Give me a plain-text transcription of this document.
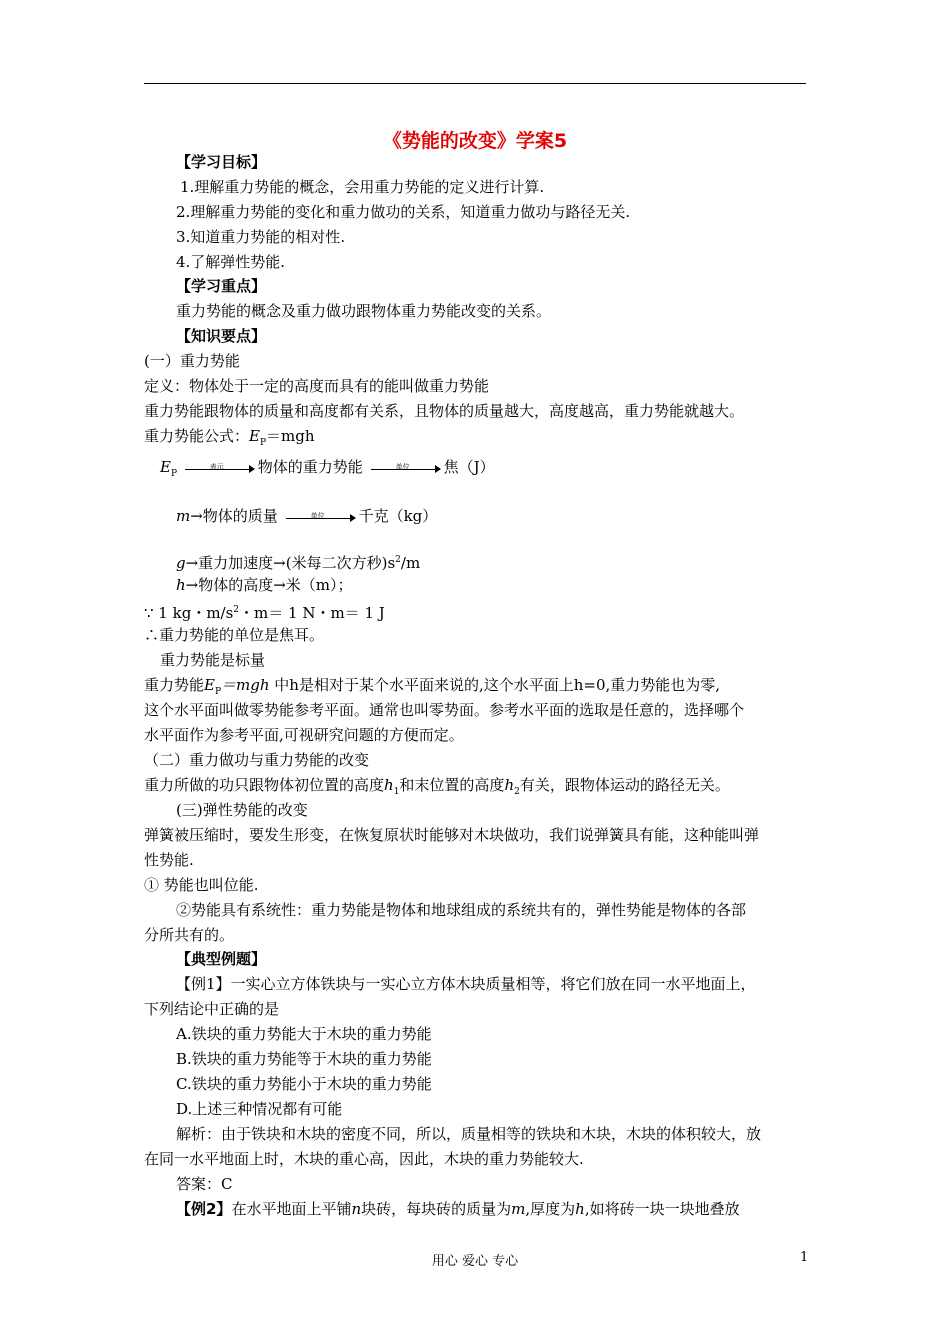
《势能的改变》学案5
【学习目标】
1.理解重力势能的概念，会用重力势能的定义进行计算.
2.理解重力势能的变化和重力做功的关系，知道重力做功与路径无关.
3.知道重力势能的相对性.
4.了解弹性势能.
【学习重点】
重力势能的概念及重力做功跟物体重力势能改变的关系。
【知识要点】
(一）重力势能
定义：物体处于一定的高度而具有的能叫做重力势能
重力势能跟物体的质量和高度都有关系，且物体的质量越大，高度越高，重力势能就越大。
重力势能公式：$E_P=mgh$
$E_P$
表示	物体的重力势能	单位	焦（J）
m→物体的质量	单位	千克（kg）
g→重力加速度→(米每二次方秒)$s^2/m$
h→物体的高度→米（m）；
∵ 1 kg・$m/s^2$・m＝ 1 N・m＝ 1 J
∴重力势能的单位是焦耳。
重力势能是标量
重力势能$E_P=mgh$ 中h是相对于某个水平面来说的,这个水平面上h=0,重力势能也为零,
这个水平面叫做零势能参考平面。通常也叫零势面。参考水平面的选取是任意的，选择哪个
水平面作为参考平面,可视研究问题的方便而定。
（二）重力做功与重力势能的改变
重力所做的功只跟物体初位置的高度$h_1$和末位置的高度$h_2$有关，跟物体运动的路径无关。
(三)弹性势能的改变
弹簧被压缩时，要发生形变，在恢复原状时能够对木块做功，我们说弹簧具有能，这种能叫弹
性势能.
① 势能也叫位能.
②势能具有系统性：重力势能是物体和地球组成的系统共有的，弹性势能是物体的各部
分所共有的。
【典型例题】
【例1】一实心立方体铁块与一实心立方体木块质量相等，将它们放在同一水平地面上，
下列结论中正确的是
A.铁块的重力势能大于木块的重力势能
B.铁块的重力势能等于木块的重力势能
C.铁块的重力势能小于木块的重力势能
D.上述三种情况都有可能
解析：由于铁块和木块的密度不同，所以，质量相等的铁块和木块，木块的体积较大，放
在同一水平地面上时，木块的重心高，因此，木块的重力势能较大.
答案：C
【例2】在水平地面上平铺n块砖，每块砖的质量为m,厚度为h,如将砖一块一块地叠放
用心 爱心 专心	1
